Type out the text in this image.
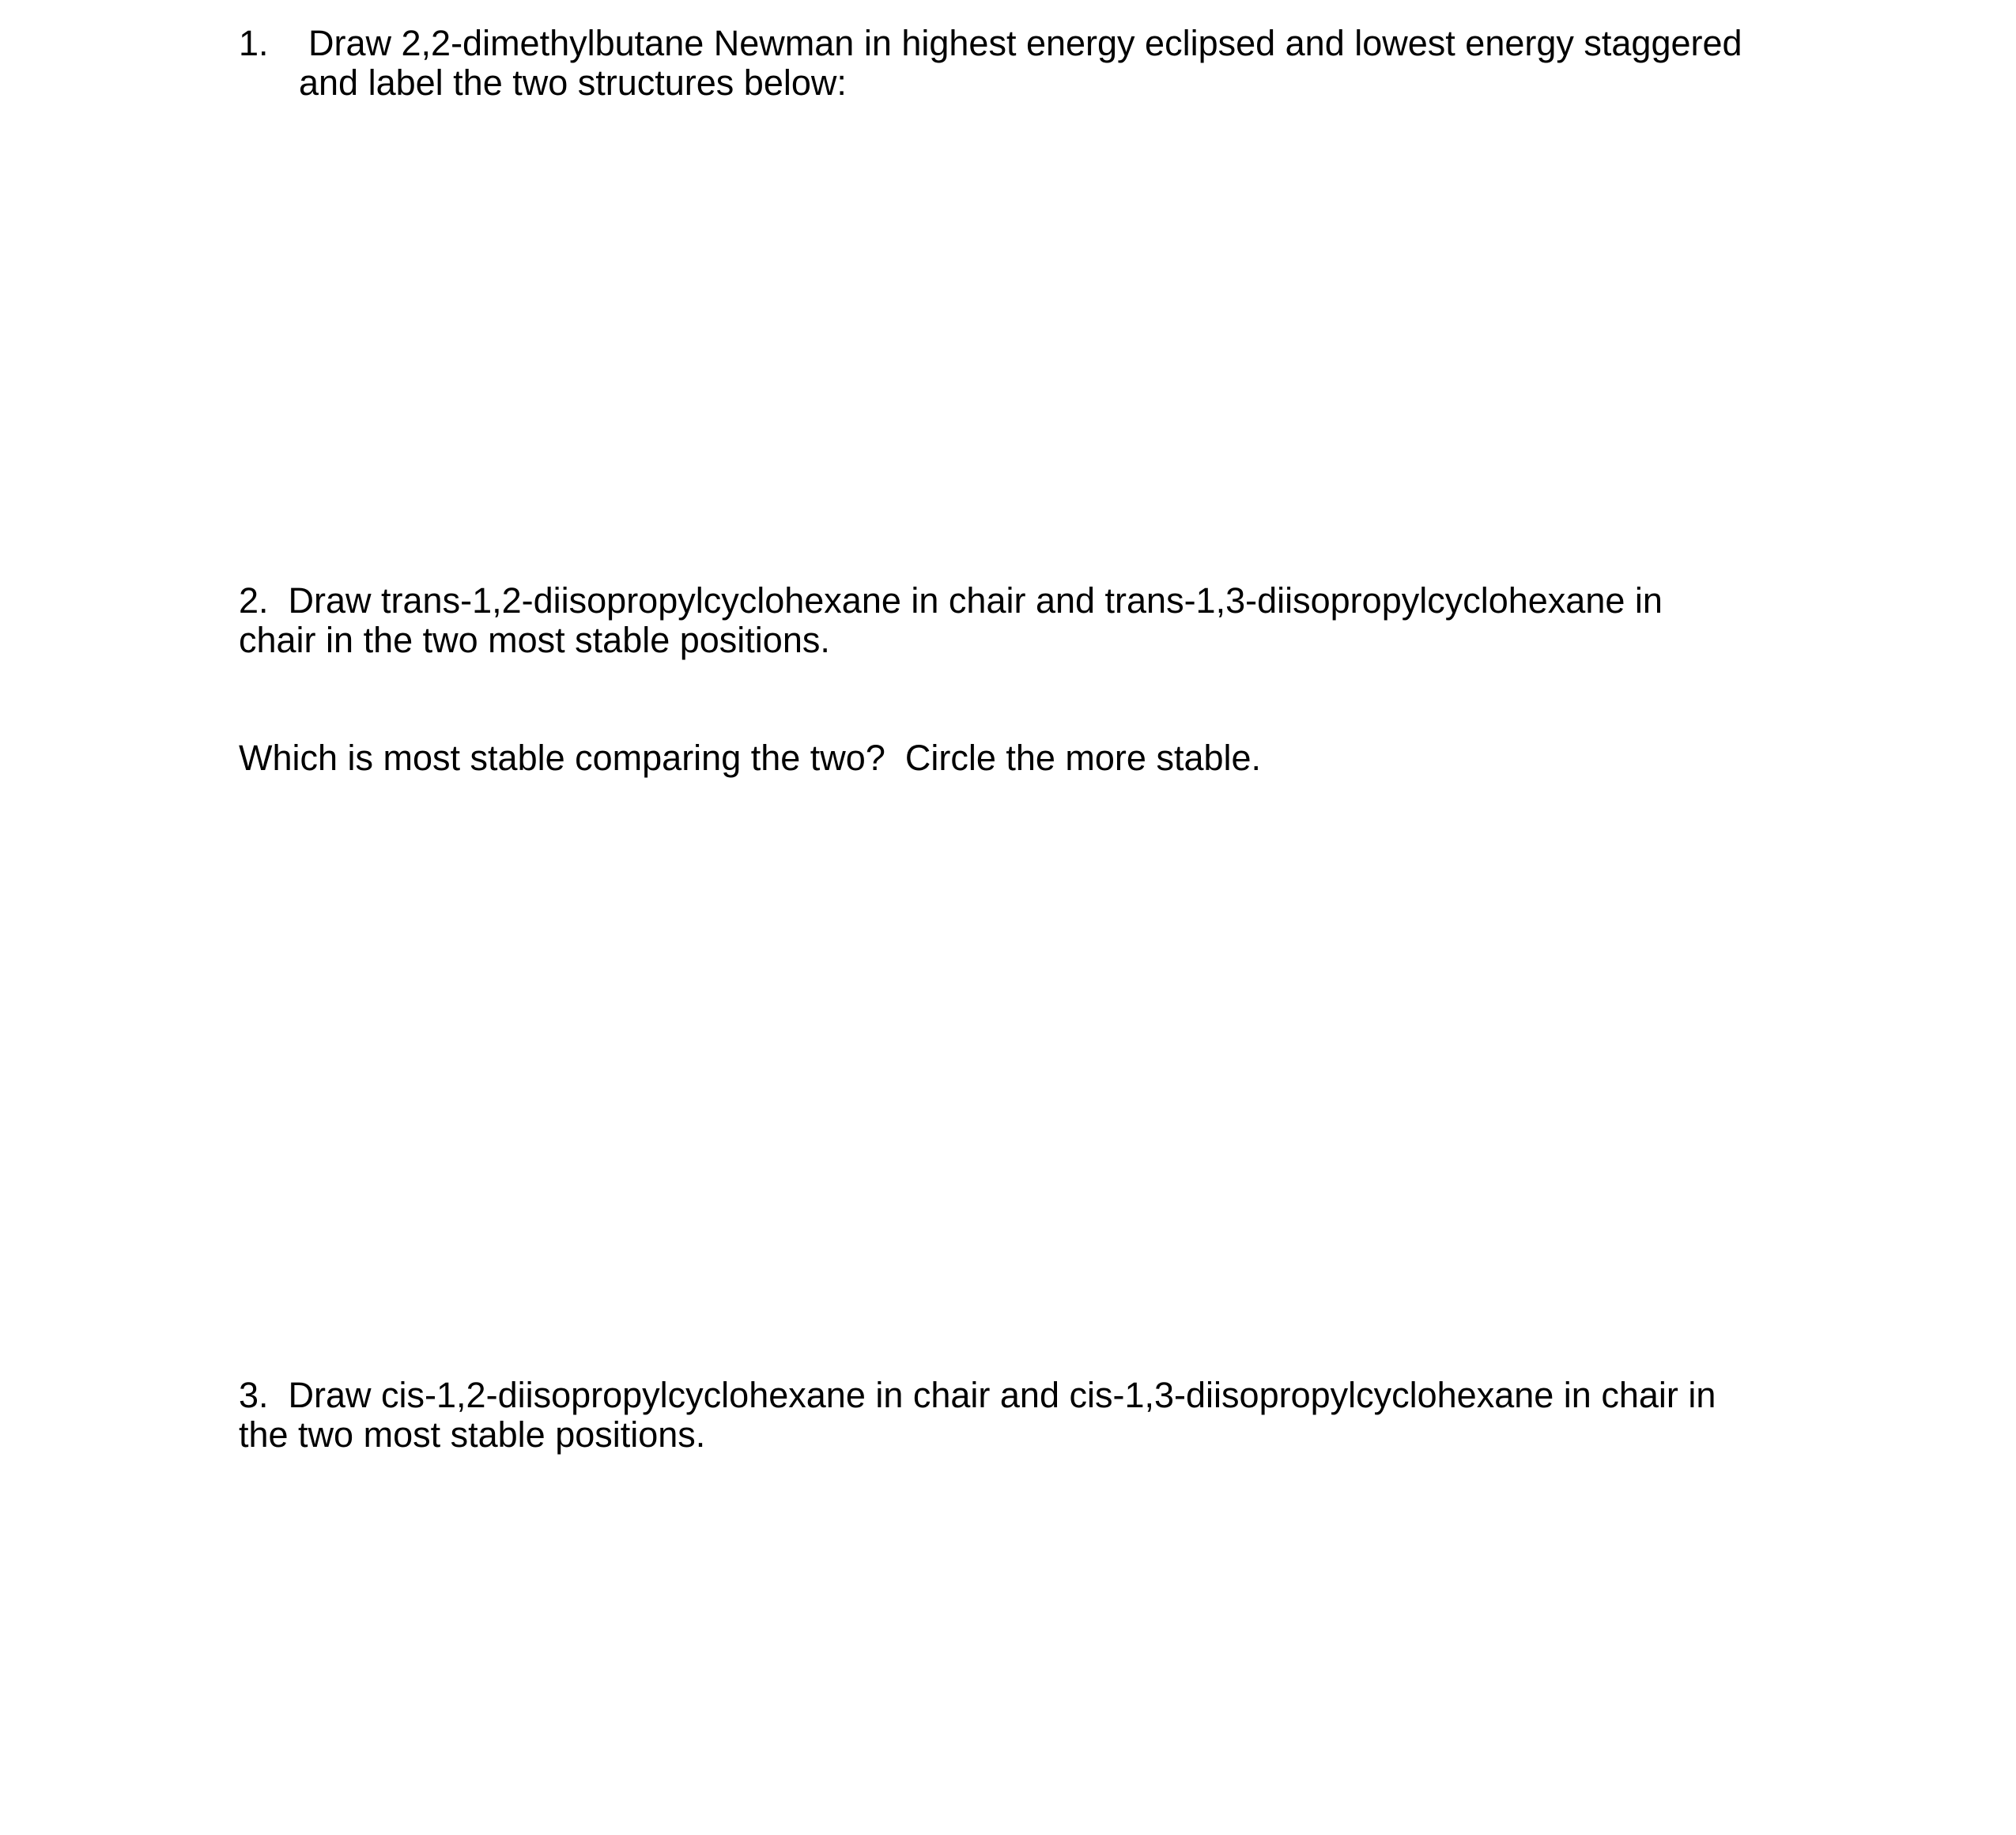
1. Draw 2,2-dimethylbutane Newman in highest energy eclipsed and lowest energy staggered
and label the two structures below:
2.  Draw trans-1,2-diisopropylcyclohexane in chair and trans-1,3-diisopropylcyclohexane in
chair in the two most stable positions.
Which is most stable comparing the two?  Circle the more stable.
3.  Draw cis-1,2-diisopropylcyclohexane in chair and cis-1,3-diisopropylcyclohexane in chair in
the two most stable positions.
